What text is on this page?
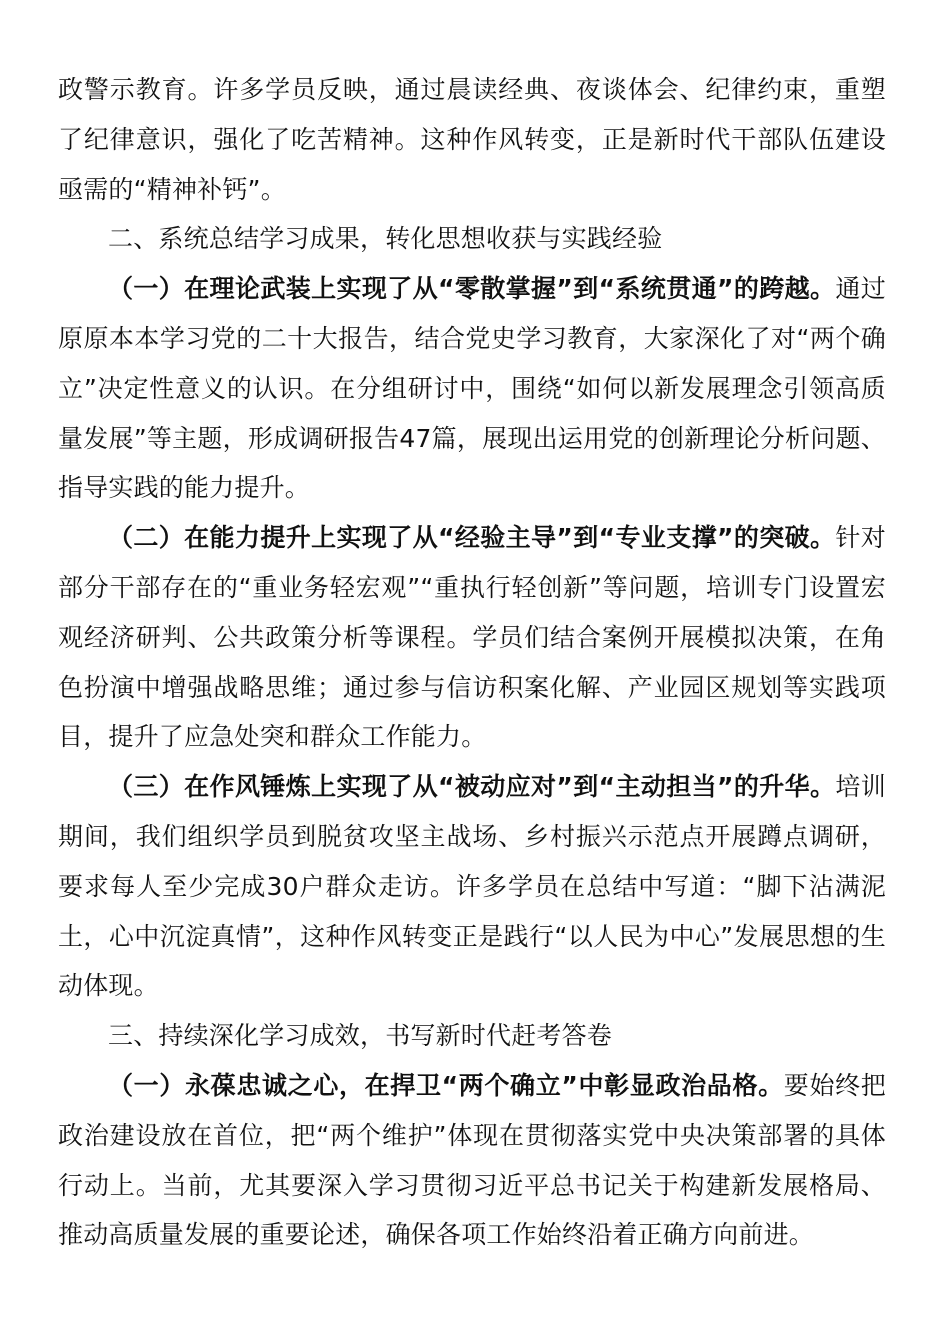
政警示教育。许多学员反映，通过晨读经典、夜谈体会、纪律约束，重塑了纪律意识，强化了吃苦精神。这种作风转变，正是新时代干部队伍建设亟需的“精神补钙”。

二、系统总结学习成果，转化思想收获与实践经验

（一）在理论武装上实现了从“零散掌握”到“系统贯通”的跨越。通过原原本本学习党的二十大报告，结合党史学习教育，大家深化了对“两个确立”决定性意义的认识。在分组研讨中，围绕“如何以新发展理念引领高质量发展”等主题，形成调研报告47篇，展现出运用党的创新理论分析问题、指导实践的能力提升。

（二）在能力提升上实现了从“经验主导”到“专业支撑”的突破。针对部分干部存在的“重业务轻宏观”“重执行轻创新”等问题，培训专门设置宏观经济研判、公共政策分析等课程。学员们结合案例开展模拟决策，在角色扮演中增强战略思维；通过参与信访积案化解、产业园区规划等实践项目，提升了应急处突和群众工作能力。

（三）在作风锤炼上实现了从“被动应对”到“主动担当”的升华。培训期间，我们组织学员到脱贫攻坚主战场、乡村振兴示范点开展蹲点调研，要求每人至少完成30户群众走访。许多学员在总结中写道：“脚下沾满泥土，心中沉淀真情”，这种作风转变正是践行“以人民为中心”发展思想的生动体现。

三、持续深化学习成效，书写新时代赶考答卷

（一）永葆忠诚之心，在捍卫“两个确立”中彰显政治品格。要始终把政治建设放在首位，把“两个维护”体现在贯彻落实党中央决策部署的具体行动上。当前，尤其要深入学习贯彻习近平总书记关于构建新发展格局、推动高质量发展的重要论述，确保各项工作始终沿着正确方向前进。
